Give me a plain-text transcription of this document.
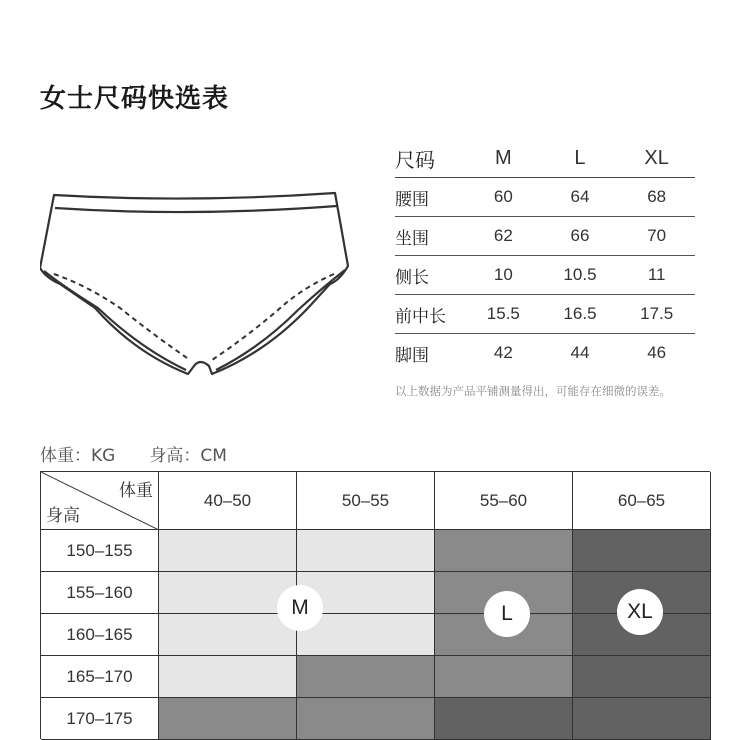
女士尺码快选表
尺码	M	L	XL
腰围	60	64	68
坐围	62	66	70
侧长	10	10.5	11
前中长	15.5	16.5	17.5
脚围	42	44	46
以上数据为产品平铺测量得出，可能存在细微的误差。
体重：KG 身高：CM
体重
身高
40–50	50–55	55–60	60–65
150–155
155–160
160–165
165–170
170–175
M	L	XL
